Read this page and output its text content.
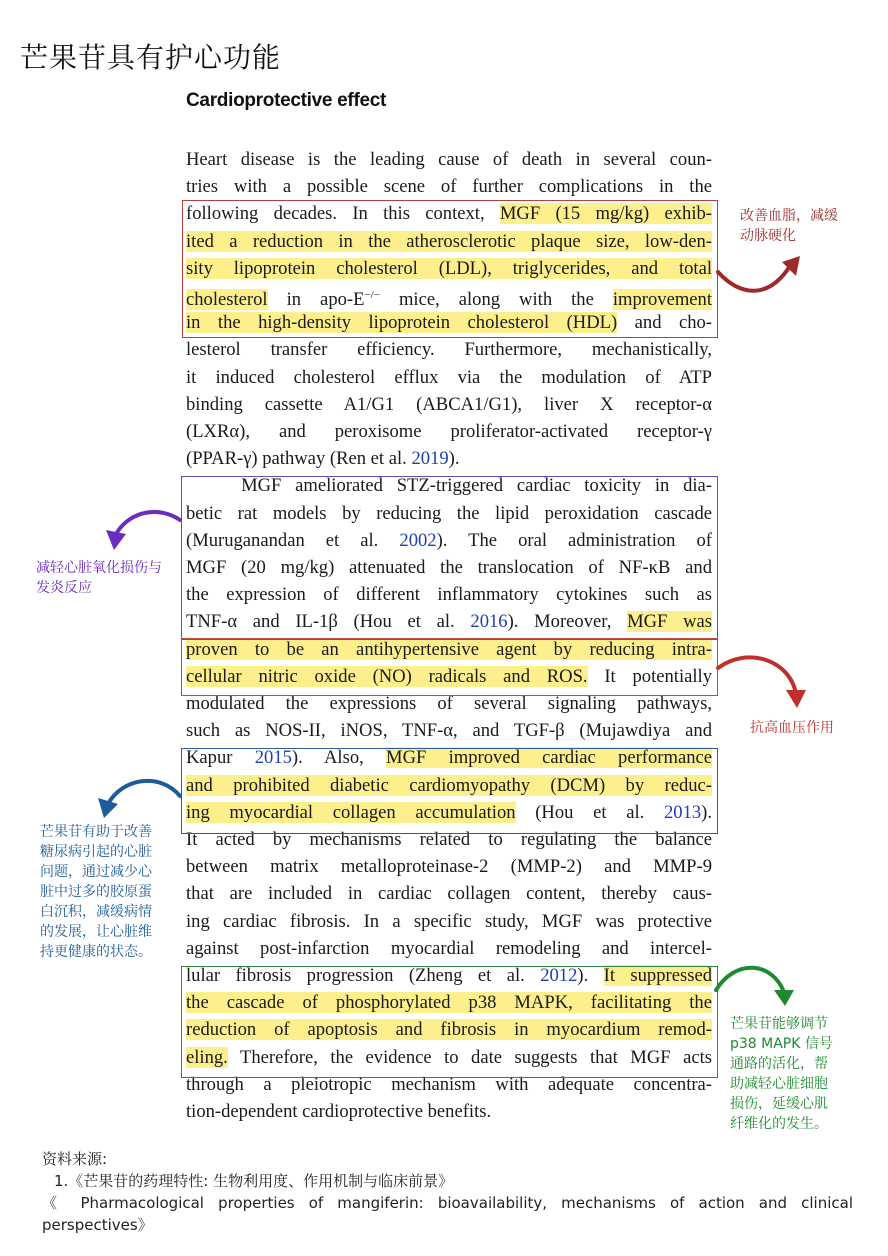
芒果苷具有护心功能
Cardioprotective effect
Heart disease is the leading cause of death in several coun-
tries with a possible scene of further complications in the
following decades. In this context, MGF (15 mg/kg) exhib-
ited a reduction in the atherosclerotic plaque size, low-den-
sity lipoprotein cholesterol (LDL), triglycerides, and total
cholesterol in apo-E−/− mice, along with the improvement
in the high-density lipoprotein cholesterol (HDL) and cho-
lesterol transfer efficiency. Furthermore, mechanistically,
it induced cholesterol efflux via the modulation of ATP
binding cassette A1/G1 (ABCA1/G1), liver X receptor-α
(LXRα), and peroxisome proliferator-activated receptor-γ
(PPAR-γ) pathway (Ren et al. 2019).
MGF ameliorated STZ-triggered cardiac toxicity in dia-
betic rat models by reducing the lipid peroxidation cascade
(Muruganandan et al. 2002). The oral administration of
MGF (20 mg/kg) attenuated the translocation of NF-κB and
the expression of different inflammatory cytokines such as
TNF-α and IL-1β (Hou et al. 2016). Moreover, MGF was
proven to be an antihypertensive agent by reducing intra-
cellular nitric oxide (NO) radicals and ROS. It potentially
modulated the expressions of several signaling pathways,
such as NOS-II, iNOS, TNF-α, and TGF-β (Mujawdiya and
Kapur 2015). Also, MGF improved cardiac performance
and prohibited diabetic cardiomyopathy (DCM) by reduc-
ing myocardial collagen accumulation (Hou et al. 2013).
It acted by mechanisms related to regulating the balance
between matrix metalloproteinase-2 (MMP-2) and MMP-9
that are included in cardiac collagen content, thereby caus-
ing cardiac fibrosis. In a specific study, MGF was protective
against post-infarction myocardial remodeling and intercel-
lular fibrosis progression (Zheng et al. 2012). It suppressed
the cascade of phosphorylated p38 MAPK, facilitating the
reduction of apoptosis and fibrosis in myocardium remod-
eling. Therefore, the evidence to date suggests that MGF acts
through a pleiotropic mechanism with adequate concentra-
tion-dependent cardioprotective benefits.
改善血脂，减缓
动脉硬化
减轻心脏氧化损伤与
发炎反应
抗高血压作用
芒果苷有助于改善
糖尿病引起的心脏
问题，通过减少心
脏中过多的胶原蛋
白沉积，减缓病情
的发展，让心脏维
持更健康的状态。
芒果苷能够调节
p38 MAPK 信号
通路的活化，帮
助减轻心脏细胞
损伤，延缓心肌
纤维化的发生。
资料来源:
1.《芒果苷的药理特性: 生物利用度、作用机制与临床前景》
《 Pharmacological properties of mangiferin: bioavailability, mechanisms of action and clinical perspectives》
